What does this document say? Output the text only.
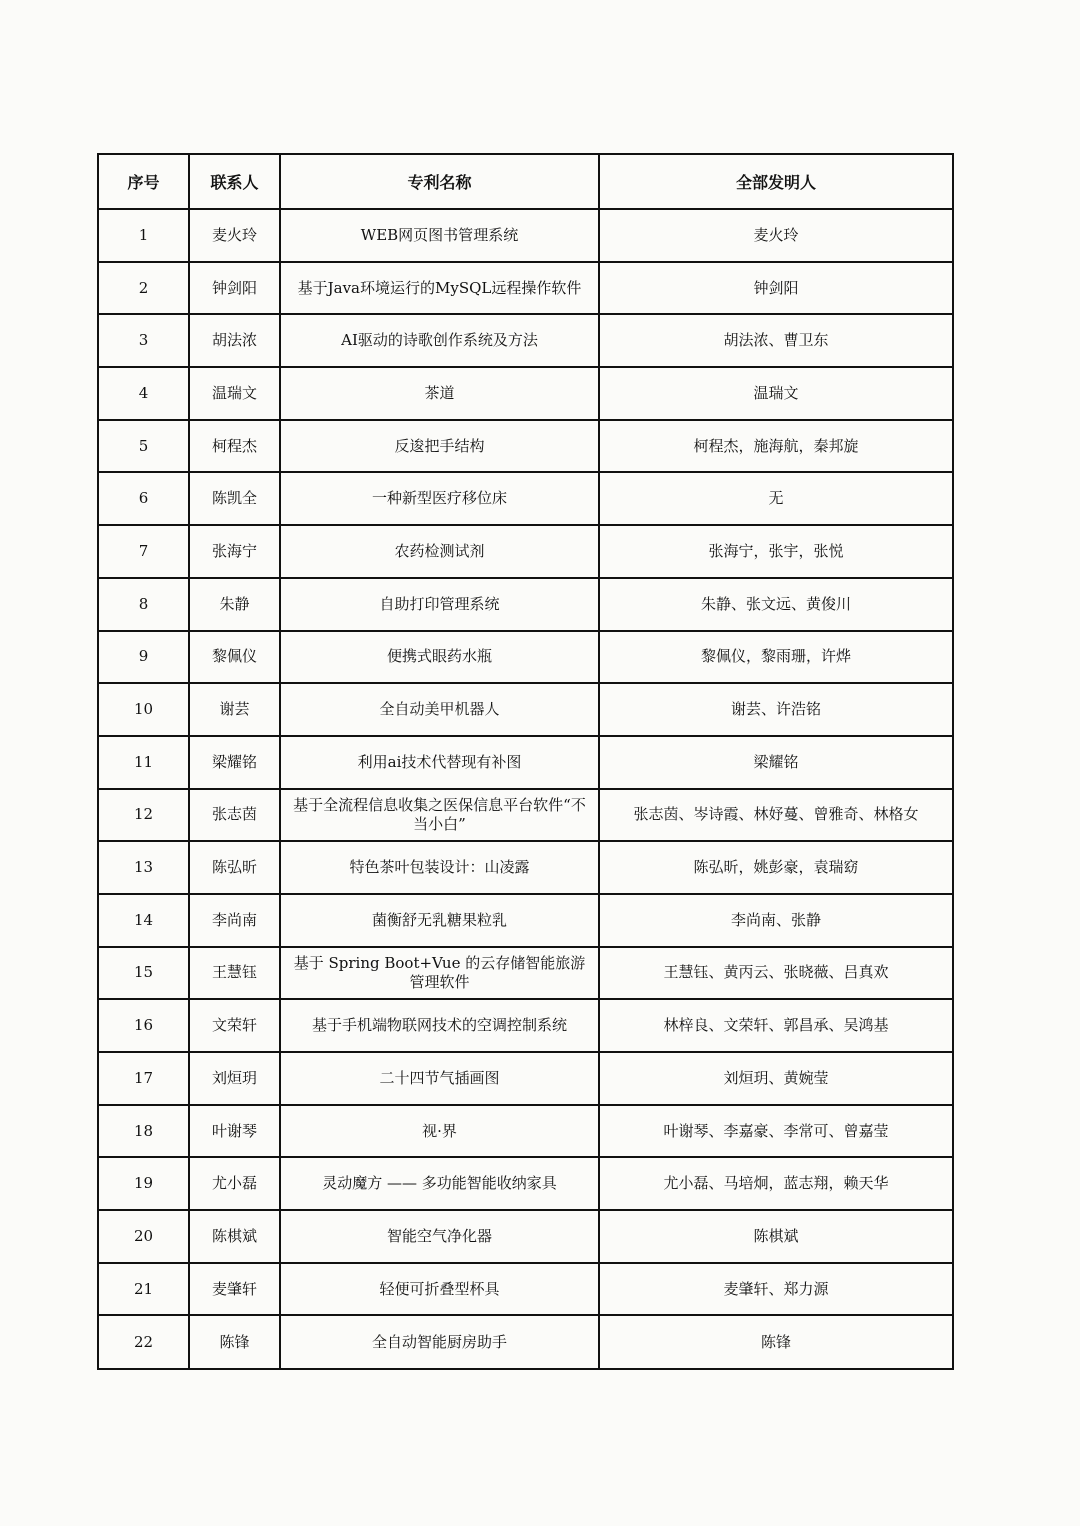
序号	联系人	专利名称	全部发明人
1	麦火玲	WEB网页图书管理系统	麦火玲
2	钟剑阳	基于Java环境运行的MySQL远程操作软件	钟剑阳
3	胡法浓	AI驱动的诗歌创作系统及方法	胡法浓、曹卫东
4	温瑞文	茶道	温瑞文
5	柯程杰	反逡把手结构	柯程杰，施海航，秦邦旋
6	陈凯全	一种新型医疗移位床	无
7	张海宁	农药检测试剂	张海宁，张宇，张悦
8	朱静	自助打印管理系统	朱静、张文远、黄俊川
9	黎佩仪	便携式眼药水瓶	黎佩仪，黎雨珊，许烨
10	谢芸	全自动美甲机器人	谢芸、许浩铭
11	梁耀铭	利用ai技术代替现有补图	梁耀铭
12	张志茵	基于全流程信息收集之医保信息平台软件“不当小白”	张志茵、岑诗霞、林妤蔓、曾雅奇、林格女
13	陈弘昕	特色茶叶包装设计：山凌露	陈弘昕，姚彭豪，袁瑞窈
14	李尚南	菌衡舒无乳糖果粒乳	李尚南、张静
15	王慧钰	基于 Spring Boot+Vue 的云存储智能旅游管理软件	王慧钰、黄丙云、张晓薇、吕真欢
16	文荣轩	基于手机端物联网技术的空调控制系统	林梓良、文荣轩、郭昌承、吴鸿基
17	刘烜玥	二十四节气插画图	刘烜玥、黄婉莹
18	叶谢琴	视·界	叶谢琴、李嘉豪、李常可、曾嘉莹
19	尤小磊	灵动魔方 —— 多功能智能收纳家具	尤小磊、马培炯，蓝志翔，赖天华
20	陈棋斌	智能空气净化器	陈棋斌
21	麦肇轩	轻便可折叠型杯具	麦肇轩、郑力源
22	陈锋	全自动智能厨房助手	陈锋
